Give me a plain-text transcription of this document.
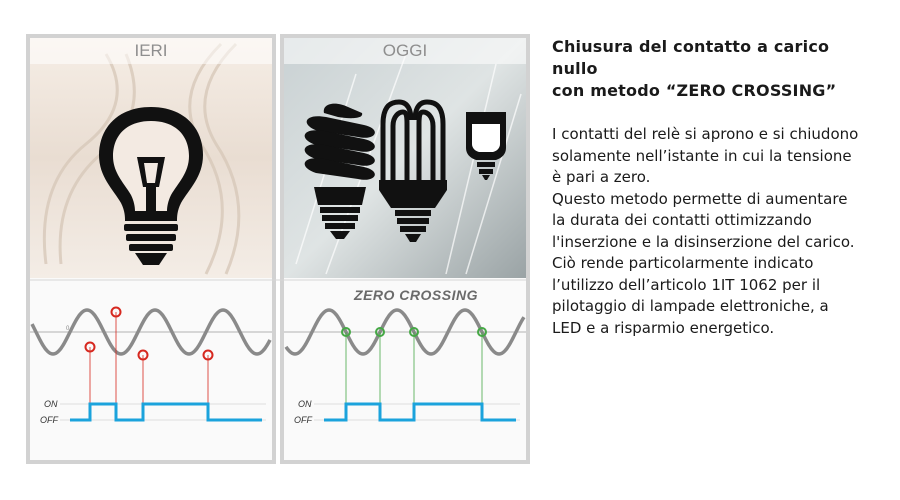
IERI	OGGI
ZERO CROSSING
0
ON
OFF
ON
OFF
Chiusura del contatto a carico nullo
con metodo “ZERO CROSSING”

I contatti del relè si aprono e si chiudono
solamente nell’istante in cui la tensione
è pari a zero.
Questo metodo permette di aumentare
la durata dei contatti ottimizzando
l'inserzione e la disinserzione del carico.
Ciò rende particolarmente indicato
l’utilizzo dell’articolo 1IT 1062 per il
pilotaggio di lampade elettroniche, a
LED e a risparmio energetico.
